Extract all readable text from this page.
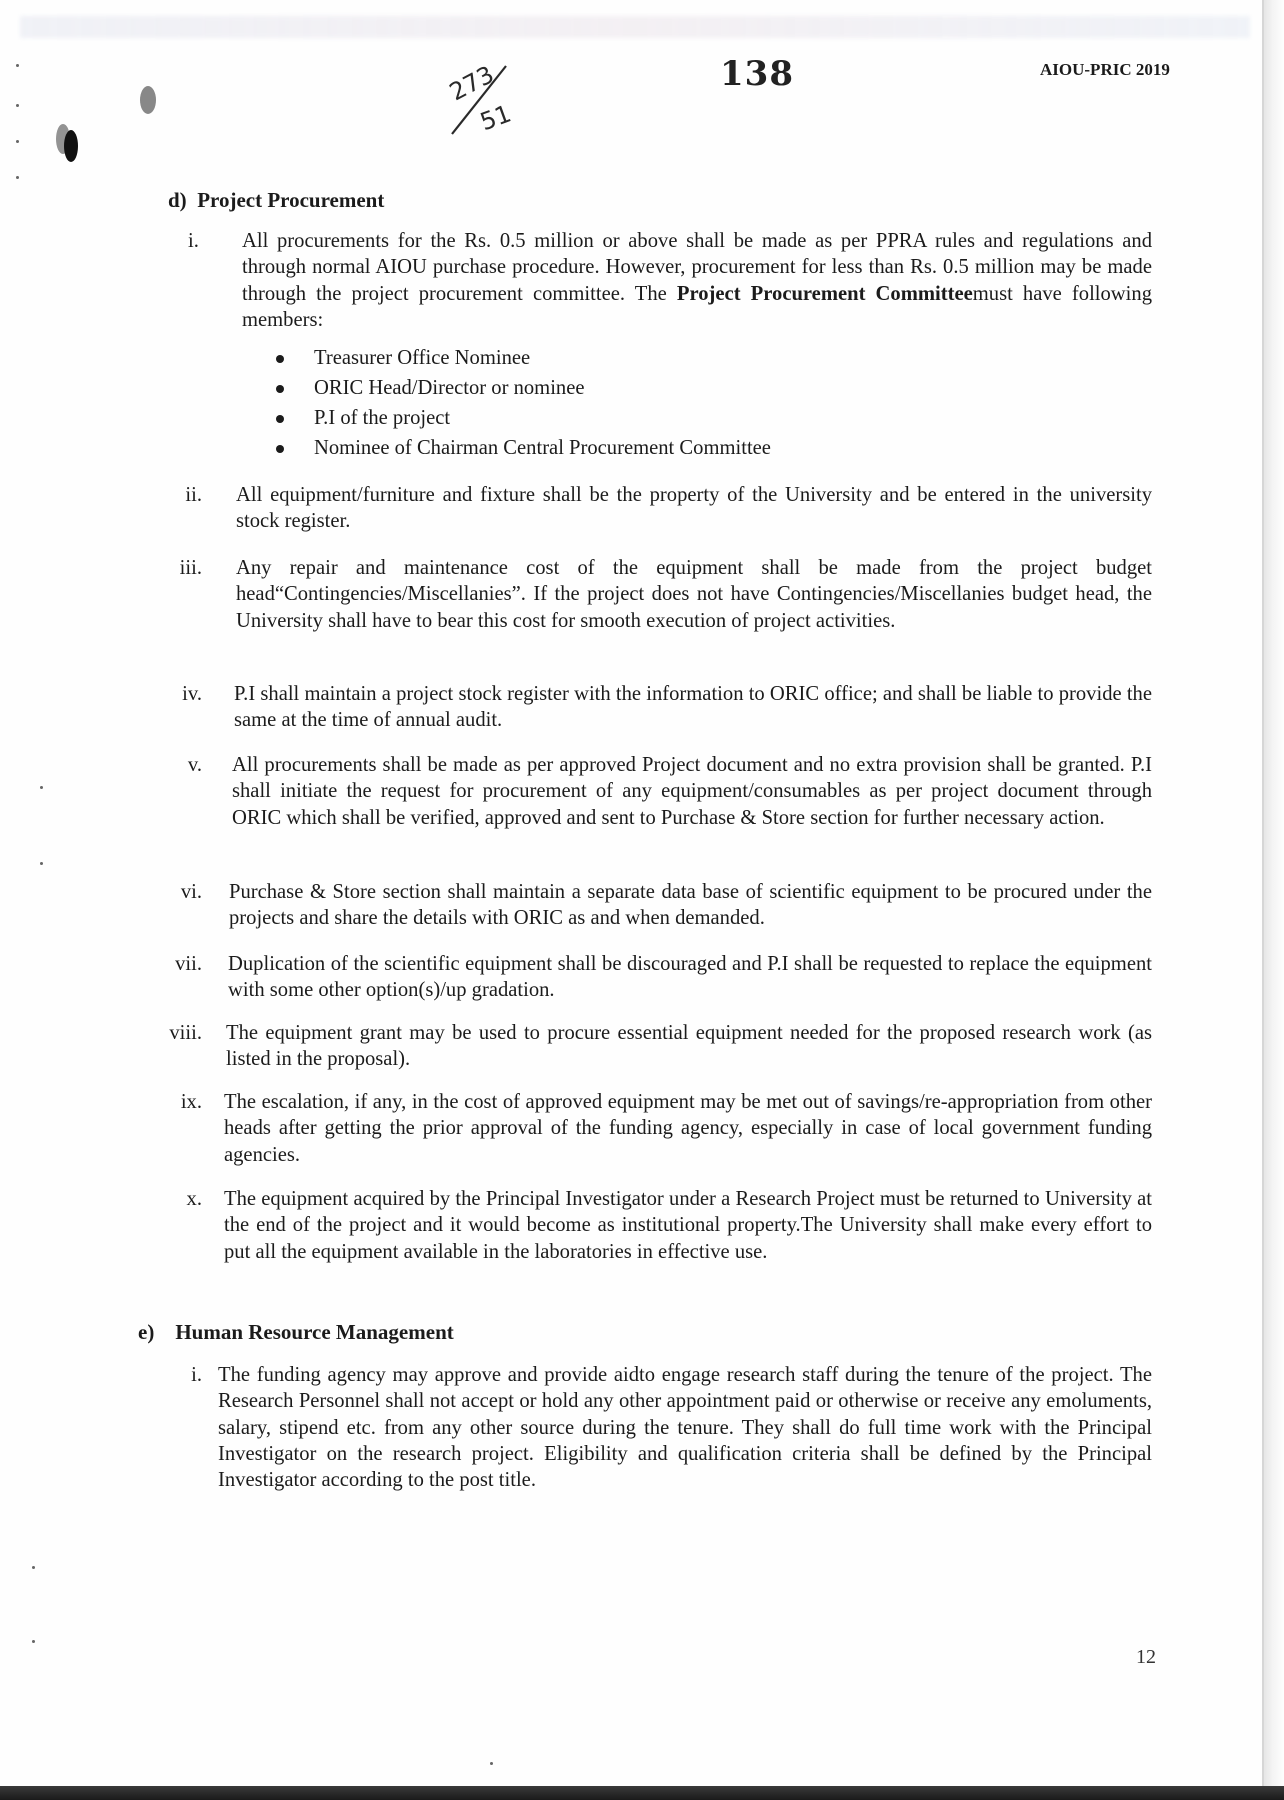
273
51
138	AIOU-PRIC 2019
d) Project Procurement
i.	All procurements for the Rs. 0.5 million or above shall be made as per PPRA rules and regulations and through normal AIOU purchase procedure. However, procurement for less than Rs. 0.5 million may be made through the project procurement committee. The Project Procurement Committeemust have following members:
Treasurer Office Nominee
ORIC Head/Director or nominee
P.I of the project
Nominee of Chairman Central Procurement Committee
ii. All equipment/furniture and fixture shall be the property of the University and be entered in the university stock register.
iii. Any repair and maintenance cost of the equipment shall be made from the project budget head“Contingencies/Miscellanies”. If the project does not have Contingencies/Miscellanies budget head, the University shall have to bear this cost for smooth execution of project activities.
iv. P.I shall maintain a project stock register with the information to ORIC office; and shall be liable to provide the same at the time of annual audit.
v. All procurements shall be made as per approved Project document and no extra provision shall be granted. P.I shall initiate the request for procurement of any equipment/consumables as per project document through ORIC which shall be verified, approved and sent to Purchase & Store section for further necessary action.
vi. Purchase & Store section shall maintain a separate data base of scientific equipment to be procured under the projects and share the details with ORIC as and when demanded.
vii. Duplication of the scientific equipment shall be discouraged and P.I shall be requested to replace the equipment with some other option(s)/up gradation.
viii. The equipment grant may be used to procure essential equipment needed for the proposed research work (as listed in the proposal).
ix. The escalation, if any, in the cost of approved equipment may be met out of savings/re-appropriation from other heads after getting the prior approval of the funding agency, especially in case of local government funding agencies.
x. The equipment acquired by the Principal Investigator under a Research Project must be returned to University at the end of the project and it would become as institutional property.The University shall make every effort to put all the equipment available in the laboratories in effective use.
e) Human Resource Management
i. The funding agency may approve and provide aidto engage research staff during the tenure of the project. The Research Personnel shall not accept or hold any other appointment paid or otherwise or receive any emoluments, salary, stipend etc. from any other source during the tenure. They shall do full time work with the Principal Investigator on the research project. Eligibility and qualification criteria shall be defined by the Principal Investigator according to the post title.
12
